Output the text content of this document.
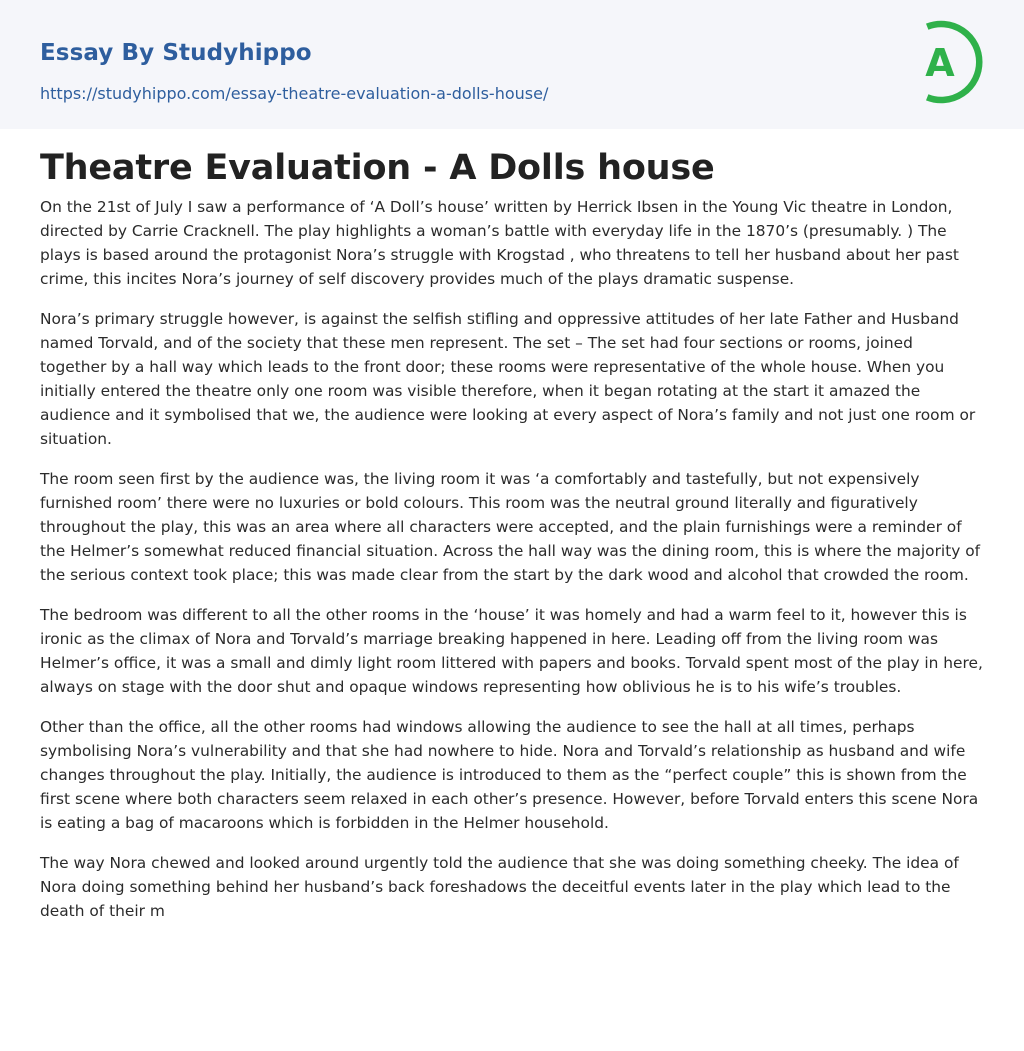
Essay By Studyhippo
https://studyhippo.com/essay-theatre-evaluation-a-dolls-house/
A
Theatre Evaluation - A Dolls house

On the 21st of July I saw a performance of ‘A Doll’s house’ written by Herrick Ibsen in the Young Vic theatre in London, directed by Carrie Cracknell. The play highlights a woman’s battle with everyday life in the 1870’s (presumably. ) The plays is based around the protagonist Nora’s struggle with Krogstad , who threatens to tell her husband about her past crime, this incites Nora’s journey of self discovery provides much of the plays dramatic suspense.

Nora’s primary struggle however, is against the selfish stifling and oppressive attitudes of her late Father and Husband named Torvald, and of the society that these men represent. The set – The set had four sections or rooms, joined together by a hall way which leads to the front door; these rooms were representative of the whole house. When you initially entered the theatre only one room was visible therefore, when it began rotating at the start it amazed the audience and it symbolised that we, the audience were looking at every aspect of Nora’s family and not just one room or situation.

The room seen first by the audience was, the living room it was ‘a comfortably and tastefully, but not expensively furnished room’ there were no luxuries or bold colours. This room was the neutral ground literally and figuratively throughout the play, this was an area where all characters were accepted, and the plain furnishings were a reminder of the Helmer’s somewhat reduced financial situation. Across the hall way was the dining room, this is where the majority of the serious context took place; this was made clear from the start by the dark wood and alcohol that crowded the room.

The bedroom was different to all the other rooms in the ‘house’ it was homely and had a warm feel to it, however this is ironic as the climax of Nora and Torvald’s marriage breaking happened in here. Leading off from the living room was Helmer’s office, it was a small and dimly light room littered with papers and books. Torvald spent most of the play in here, always on stage with the door shut and opaque windows representing how oblivious he is to his wife’s troubles.

Other than the office, all the other rooms had windows allowing the audience to see the hall at all times, perhaps symbolising Nora’s vulnerability and that she had nowhere to hide. Nora and Torvald’s relationship as husband and wife changes throughout the play. Initially, the audience is introduced to them as the “perfect couple” this is shown from the first scene where both characters seem relaxed in each other’s presence. However, before Torvald enters this scene Nora is eating a bag of macaroons which is forbidden in the Helmer household.

The way Nora chewed and looked around urgently told the audience that she was doing something cheeky. The idea of Nora doing something behind her husband’s back foreshadows the deceitful events later in the play which lead to the death of their m
